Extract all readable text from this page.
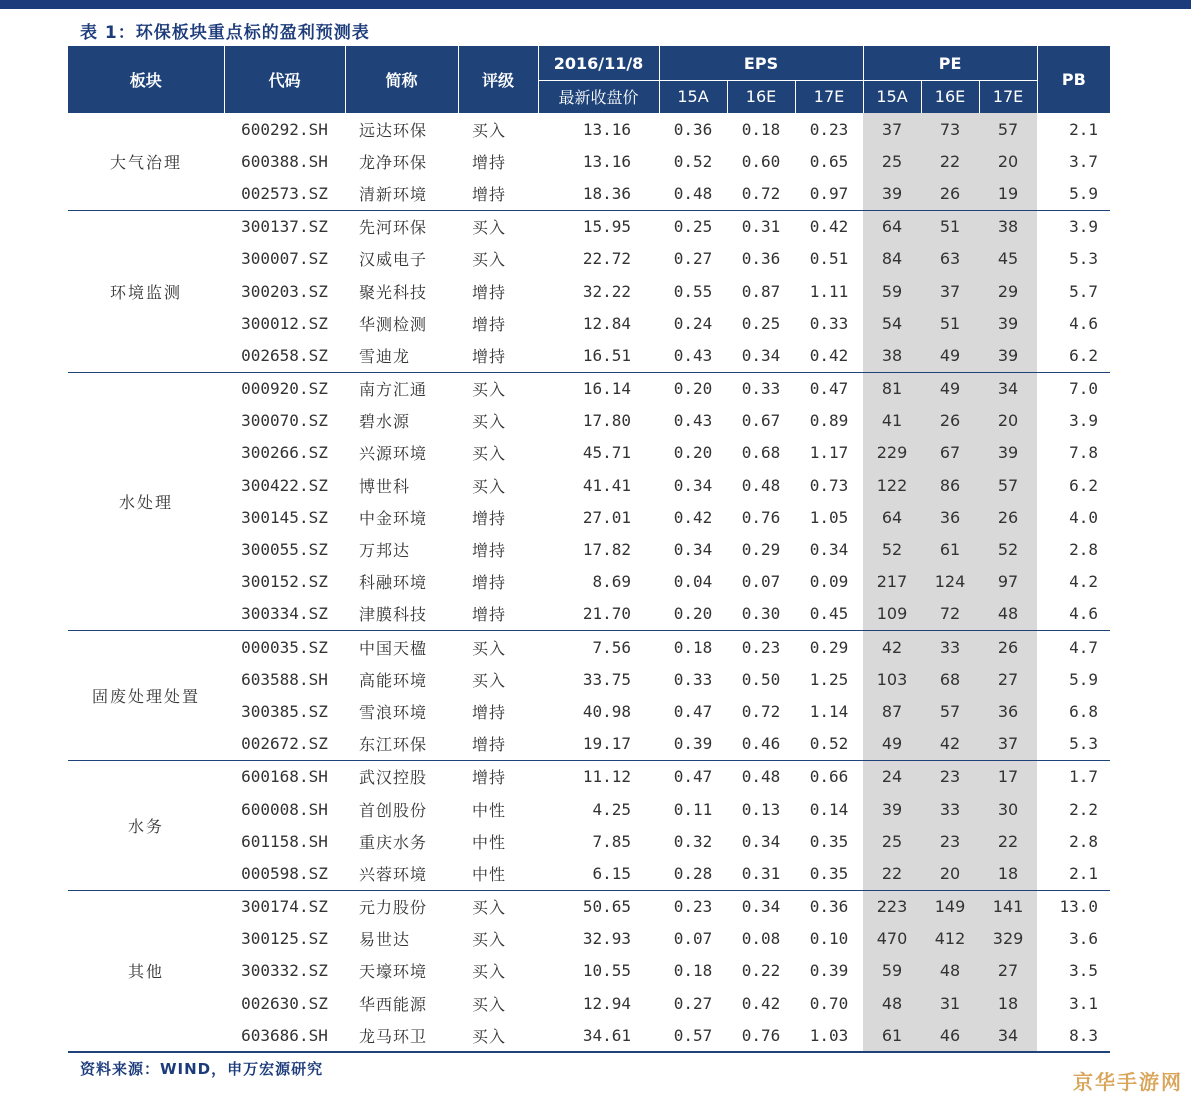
表 1：环保板块重点标的盈利预测表
板块	代码	简称	评级	2016/11/8	EPS			PE			PB
				最新收盘价	15A	16E	17E	15A	16E	17E	
大气治理	600292.SH	远达环保	买入	13.16	0.36	0.18	0.23	37	73	57	2.1
	600388.SH	龙净环保	增持	13.16	0.52	0.60	0.65	25	22	20	3.7
	002573.SZ	清新环境	增持	18.36	0.48	0.72	0.97	39	26	19	5.9
环境监测	300137.SZ	先河环保	买入	15.95	0.25	0.31	0.42	64	51	38	3.9
	300007.SZ	汉威电子	买入	22.72	0.27	0.36	0.51	84	63	45	5.3
	300203.SZ	聚光科技	增持	32.22	0.55	0.87	1.11	59	37	29	5.7
	300012.SZ	华测检测	增持	12.84	0.24	0.25	0.33	54	51	39	4.6
	002658.SZ	雪迪龙	增持	16.51	0.43	0.34	0.42	38	49	39	6.2
水处理	000920.SZ	南方汇通	买入	16.14	0.20	0.33	0.47	81	49	34	7.0
	300070.SZ	碧水源	买入	17.80	0.43	0.67	0.89	41	26	20	3.9
	300266.SZ	兴源环境	买入	45.71	0.20	0.68	1.17	229	67	39	7.8
	300422.SZ	博世科	买入	41.41	0.34	0.48	0.73	122	86	57	6.2
	300145.SZ	中金环境	增持	27.01	0.42	0.76	1.05	64	36	26	4.0
	300055.SZ	万邦达	增持	17.82	0.34	0.29	0.34	52	61	52	2.8
	300152.SZ	科融环境	增持	8.69	0.04	0.07	0.09	217	124	97	4.2
	300334.SZ	津膜科技	增持	21.70	0.20	0.30	0.45	109	72	48	4.6
固废处理处置	000035.SZ	中国天楹	买入	7.56	0.18	0.23	0.29	42	33	26	4.7
	603588.SH	高能环境	买入	33.75	0.33	0.50	1.25	103	68	27	5.9
	300385.SZ	雪浪环境	增持	40.98	0.47	0.72	1.14	87	57	36	6.8
	002672.SZ	东江环保	增持	19.17	0.39	0.46	0.52	49	42	37	5.3
水务	600168.SH	武汉控股	增持	11.12	0.47	0.48	0.66	24	23	17	1.7
	600008.SH	首创股份	中性	4.25	0.11	0.13	0.14	39	33	30	2.2
	601158.SH	重庆水务	中性	7.85	0.32	0.34	0.35	25	23	22	2.8
	000598.SZ	兴蓉环境	中性	6.15	0.28	0.31	0.35	22	20	18	2.1
其他	300174.SZ	元力股份	买入	50.65	0.23	0.34	0.36	223	149	141	13.0
	300125.SZ	易世达	买入	32.93	0.07	0.08	0.10	470	412	329	3.6
	300332.SZ	天壕环境	买入	10.55	0.18	0.22	0.39	59	48	27	3.5
	002630.SZ	华西能源	买入	12.94	0.27	0.42	0.70	48	31	18	3.1
	603686.SH	龙马环卫	买入	34.61	0.57	0.76	1.03	61	46	34	8.3
资料来源：WIND，申万宏源研究
京华手游网
